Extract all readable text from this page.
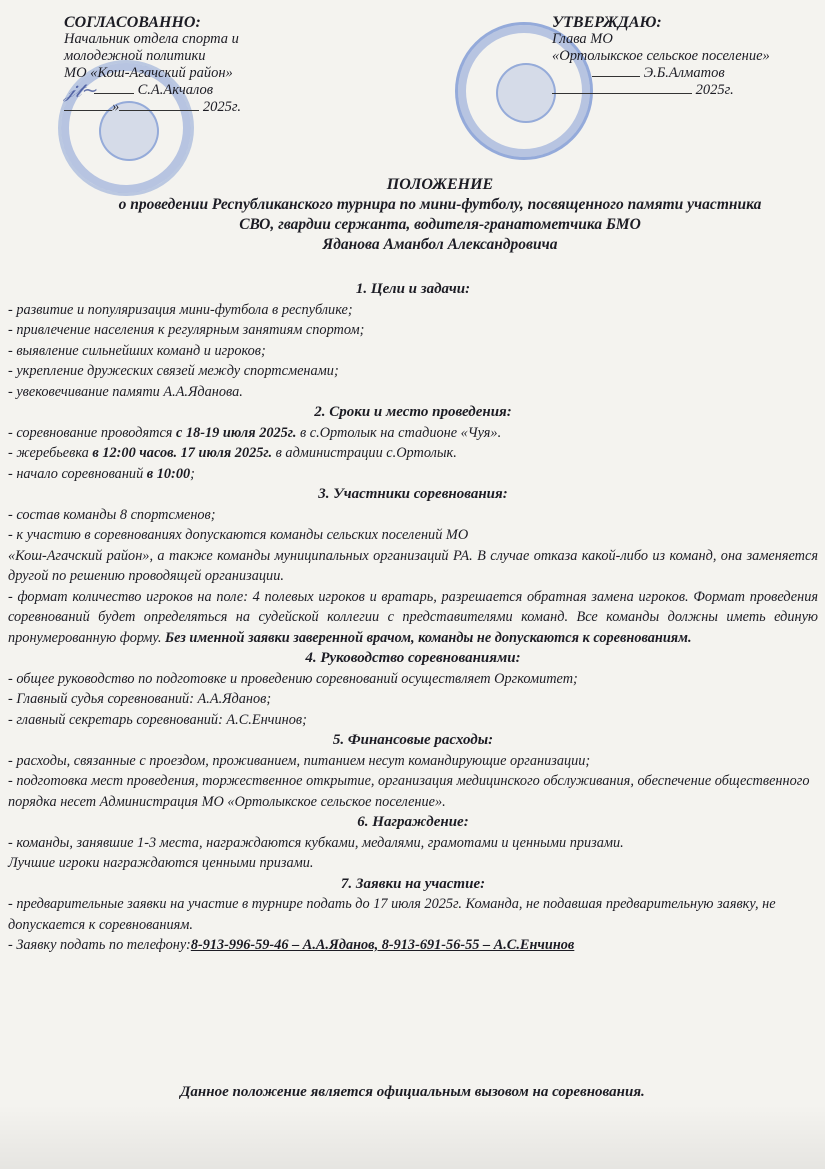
СОГЛАСОВАННО:
Начальник отдела спорта и
молодежной политики
МО «Кош-Агачский район»
𝒿𝓉~	С.А.Акчалов
»	2025г.
УТВЕРЖДАЮ:
Глава МО
«Ортолыкское сельское поселение»
Э.Б.Алматов
2025г.
ПОЛОЖЕНИЕ
о проведении Республиканского турнира по мини-футболу, посвященного памяти участника
СВО, гвардии сержанта, водителя-гранатометчика БМО
Ядановa Аманбол Александровича
1. Цели и задачи:
- развитие и популяризация мини-футбола в республике;
- привлечение населения к регулярным занятиям спортом;
- выявление сильнейших команд и игроков;
- укрепление дружеских связей между спортсменами;
- увековечивание памяти А.А.Яданова.
2. Сроки и место проведения:
- соревнование проводятся с 18-19 июля 2025г. в с.Ортолык на стадионе «Чуя».
- жеребьевка в 12:00 часов. 17 июля 2025г. в администрации с.Ортолык.
- начало соревнований в 10:00;
3. Участники соревнования:
- состав команды 8 спортсменов;
- к участию в соревнованиях допускаются команды сельских поселений МО
«Кош-Агачский район», а также команды муниципальных организаций РА. В случае отказа какой-либо из команд, она заменяется другой по решению проводящей организации.
- формат количество игроков на поле: 4 полевых игроков и вратарь, разрешается обратная замена игроков. Формат проведения соревнований будет определяться на судейской коллегии с представителями команд. Все команды должны иметь единую пронумерованную форму. Без именной заявки заверенной врачом, команды не допускаются к соревнованиям.
4. Руководство соревнованиями:
- общее руководство по подготовке и проведению соревнований осуществляет Оргкомитет;
- Главный судья соревнований: А.А.Яданов;
- главный секретарь соревнований: А.С.Енчинов;
5. Финансовые расходы:
- расходы, связанные с проездом, проживанием, питанием несут командирующие организации;
- подготовка мест проведения, торжественное открытие, организация медицинского обслуживания, обеспечение общественного порядка несет Администрация МО «Ортолыкское сельское поселение».
6. Награждение:
- команды, занявшие 1-3 места, награждаются кубками, медалями, грамотами и ценными призами.
Лучшие игроки награждаются ценными призами.
7. Заявки на участие:
- предварительные заявки на участие в турнире подать до 17 июля 2025г. Команда, не подавшая предварительную заявку, не допускается к соревнованиям.
- Заявку подать по телефону:8-913-996-59-46 – А.А.Яданов, 8-913-691-56-55 – А.С.Енчинов
Данное положение является официальным вызовом на соревнования.
